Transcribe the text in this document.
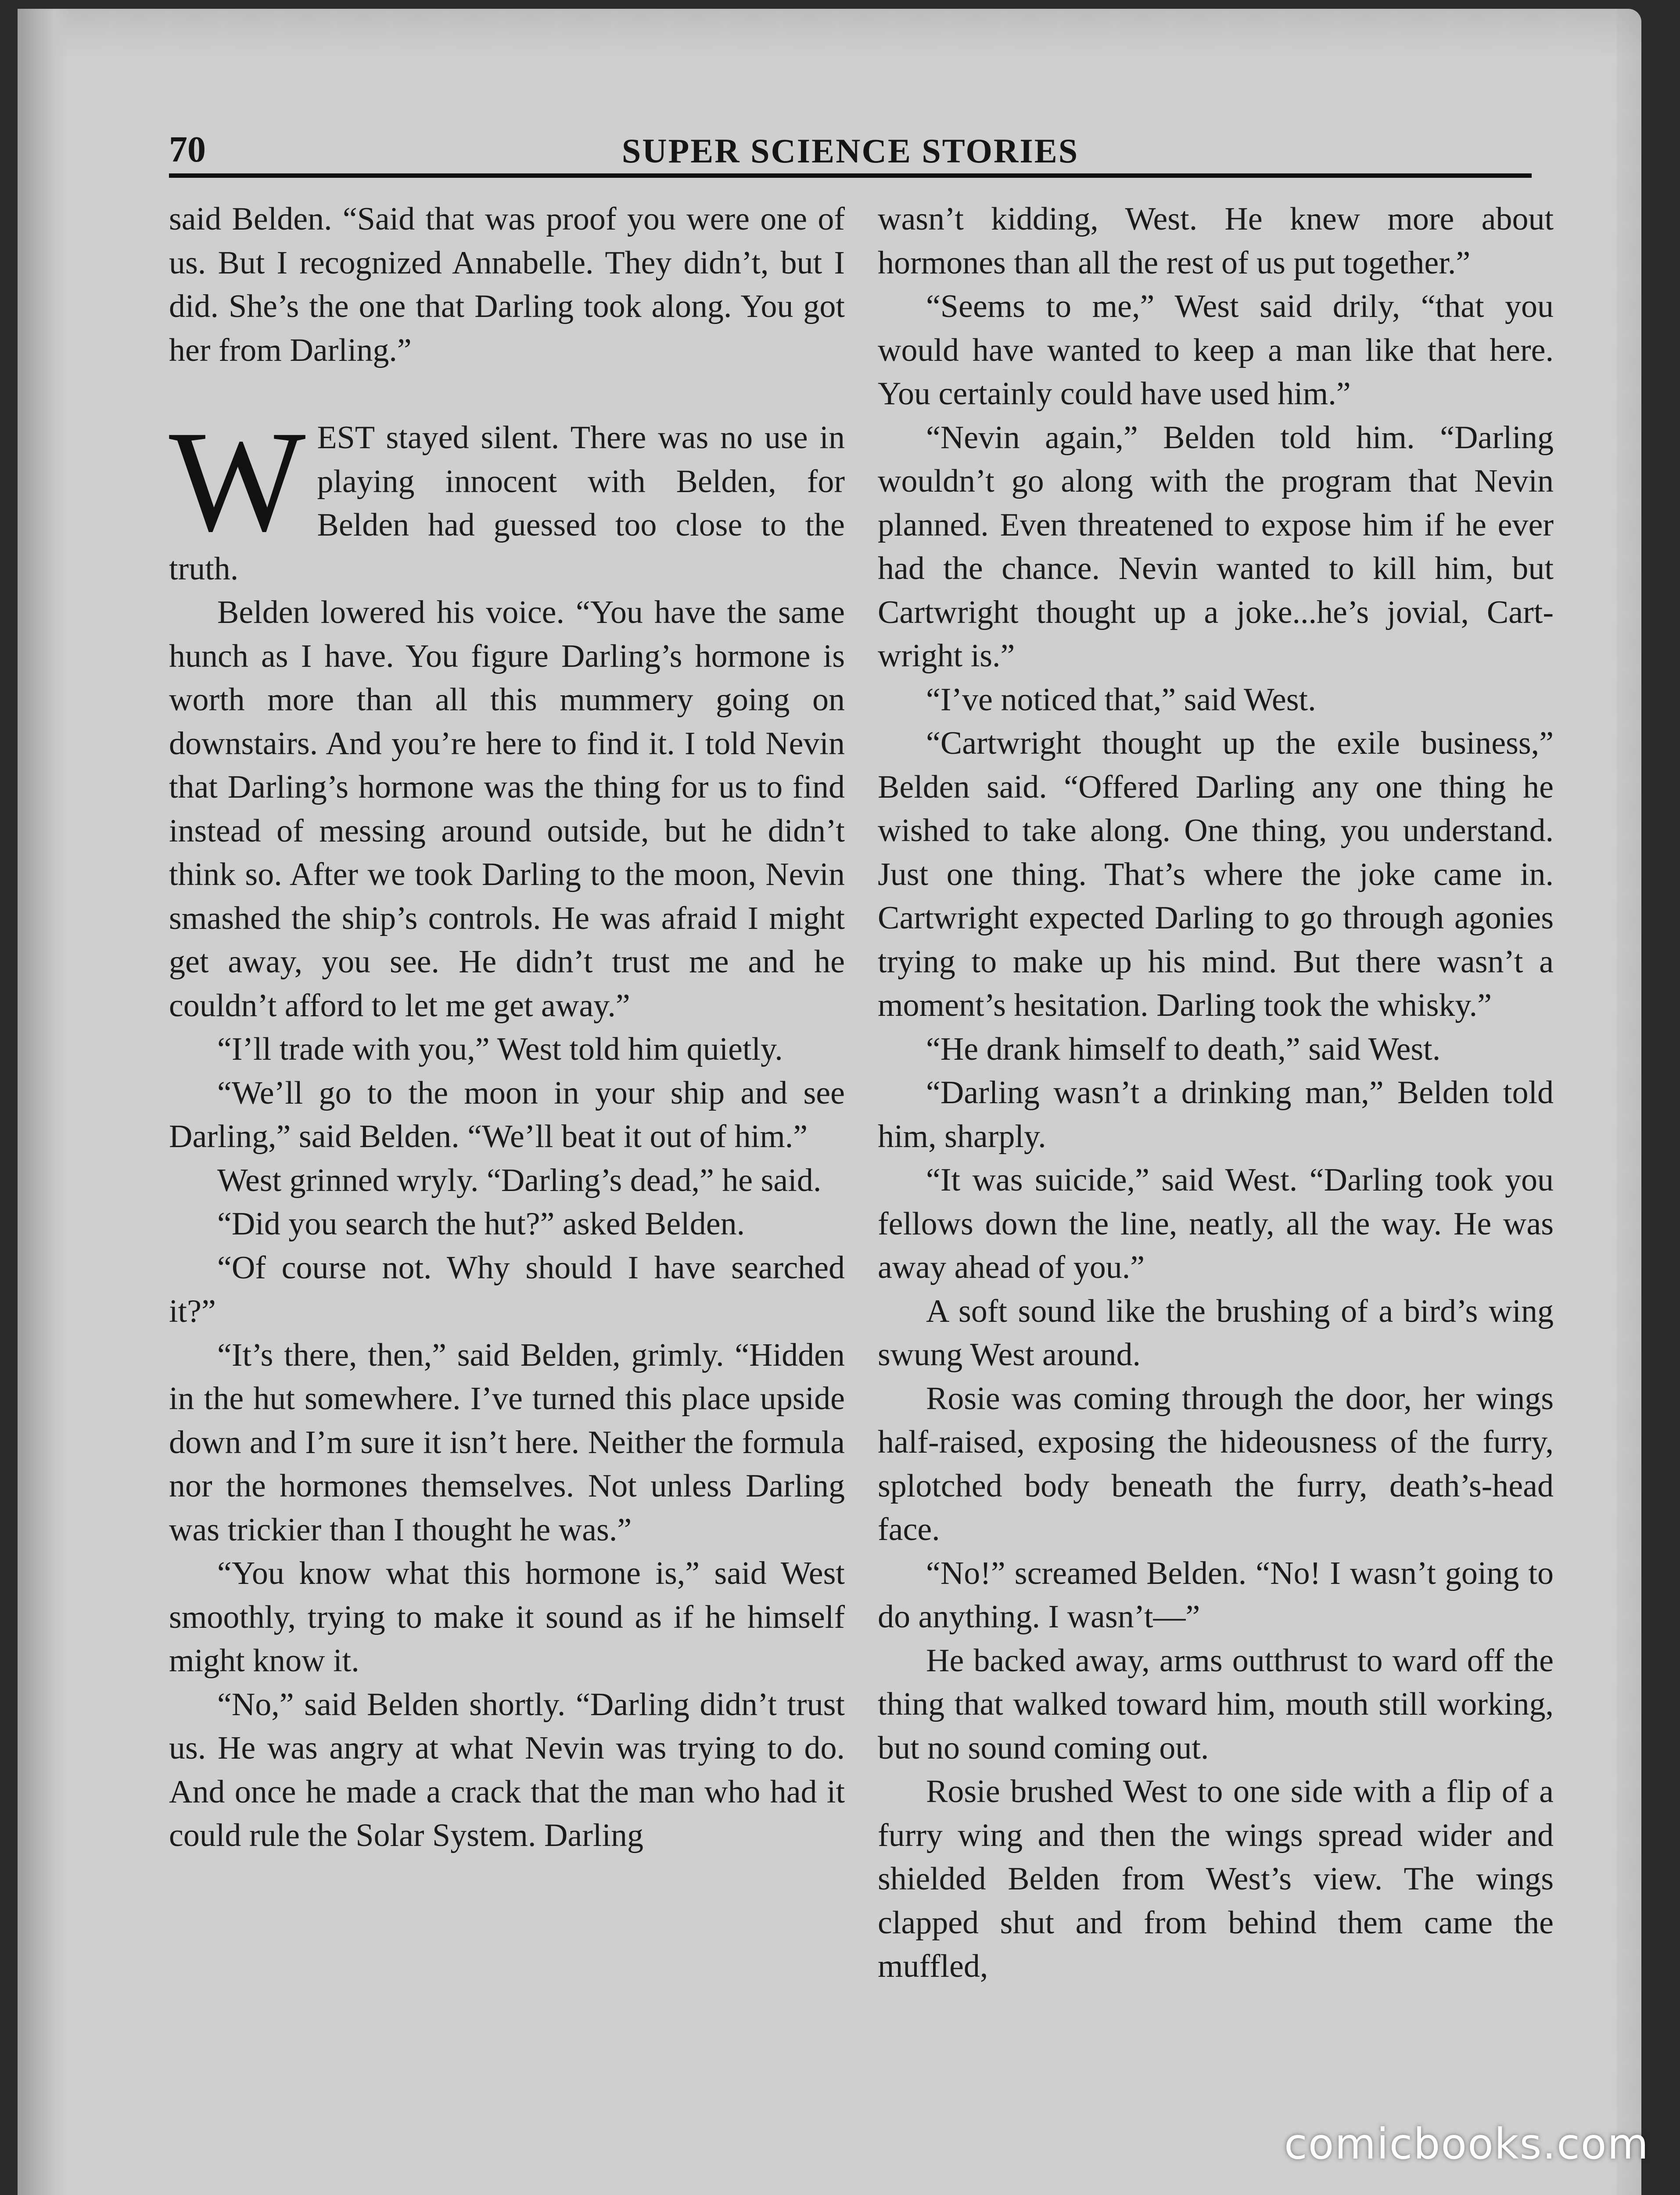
70	SUPER SCIENCE STORIES

said Belden. “Said that was proof you were one of us. But I recognized Annabelle. They didn’t, but I did. She’s the one that Darling took along. You got her from Darling.”

WEST stayed silent. There was no use in playing innocent with Belden, for Belden had guessed too close to the truth.

Belden lowered his voice. “You have the same hunch as I have. You figure Darling’s hormone is worth more than all this mummery going on downstairs. And you’re here to find it. I told Nevin that Darling’s hormone was the thing for us to find instead of messing around outside, but he didn’t think so. After we took Darling to the moon, Nevin smashed the ship’s controls. He was afraid I might get away, you see. He didn’t trust me and he couldn’t afford to let me get away.”

“I’ll trade with you,” West told him quietly.

“We’ll go to the moon in your ship and see Darling,” said Belden. “We’ll beat it out of him.”

West grinned wryly. “Darling’s dead,” he said.

“Did you search the hut?” asked Belden.

“Of course not. Why should I have searched it?”

“It’s there, then,” said Belden, grimly. “Hidden in the hut somewhere. I’ve turned this place upside down and I’m sure it isn’t here. Neither the formula nor the hormones themselves. Not unless Darling was trickier than I thought he was.”

“You know what this hormone is,” said West smoothly, trying to make it sound as if he himself might know it.

“No,” said Belden shortly. “Darling didn’t trust us. He was angry at what Nevin was trying to do. And once he made a crack that the man who had it could rule the Solar System. Darling

wasn’t kidding, West. He knew more about hormones than all the rest of us put together.”

“Seems to me,” West said drily, “that you would have wanted to keep a man like that here. You certainly could have used him.”

“Nevin again,” Belden told him. “Darling wouldn’t go along with the program that Nevin planned. Even threatened to expose him if he ever had the chance. Nevin wanted to kill him, but Cartwright thought up a joke...he’s jovial, Cartwright is.”

“I’ve noticed that,” said West.

“Cartwright thought up the exile business,” Belden said. “Offered Darling any one thing he wished to take along. One thing, you understand. Just one thing. That’s where the joke came in. Cartwright expected Darling to go through agonies trying to make up his mind. But there wasn’t a moment’s hesitation. Darling took the whisky.”

“He drank himself to death,” said West.

“Darling wasn’t a drinking man,” Belden told him, sharply.

“It was suicide,” said West. “Darling took you fellows down the line, neatly, all the way. He was away ahead of you.”

A soft sound like the brushing of a bird’s wing swung West around.

Rosie was coming through the door, her wings half-raised, exposing the hideousness of the furry, splotched body beneath the furry, death’s-head face.

“No!” screamed Belden. “No! I wasn’t going to do anything. I wasn’t—”

He backed away, arms outthrust to ward off the thing that walked toward him, mouth still working, but no sound coming out.

Rosie brushed West to one side with a flip of a furry wing and then the wings spread wider and shielded Belden from West’s view. The wings clapped shut and from behind them came the muffled,

comicbooks.com
